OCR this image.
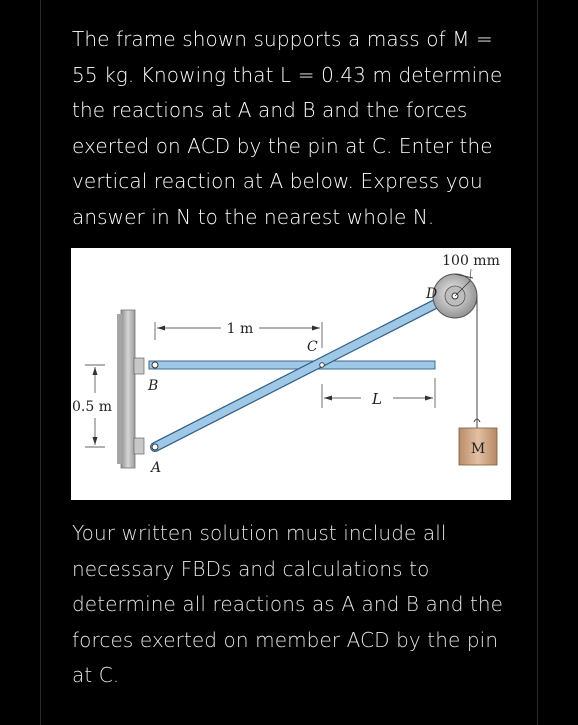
The frame shown supports a mass of M =
55 kg. Knowing that L = 0.43 m determine
the reactions at A and B and the forces
exerted on ACD by the pin at C. Enter the
vertical reaction at A below. Express you
answer in N to the nearest whole N.

M
100 mm
D
1 m
C
B
L
0.5 m
A

Your written solution must include all
necessary FBDs and calculations to
determine all reactions as A and B and the
forces exerted on member ACD by the pin
at C.
